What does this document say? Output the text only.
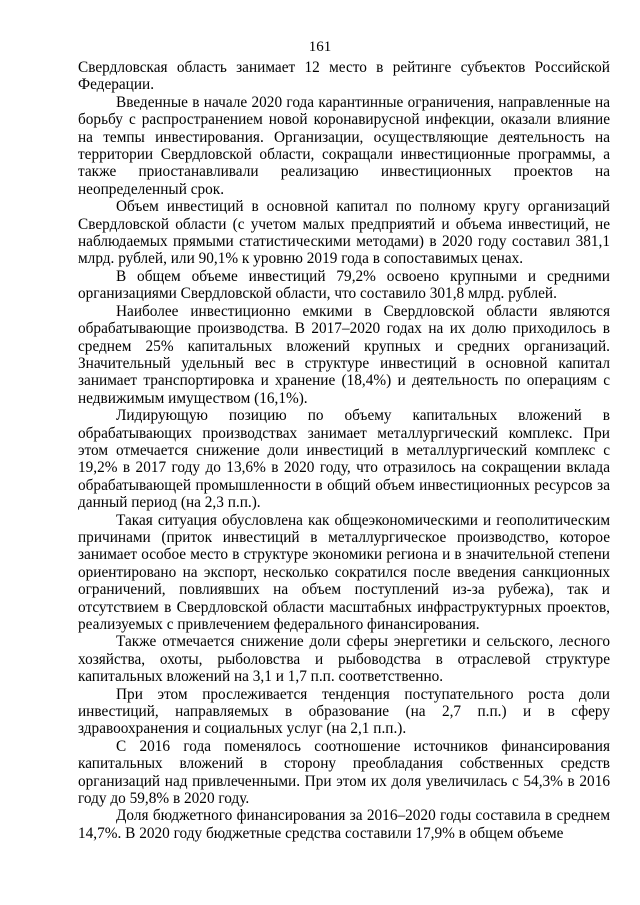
161

Свердловская область занимает 12 место в рейтинге субъектов Российской Федерации.

Введенные в начале 2020 года карантинные ограничения, направленные на борьбу с распространением новой коронавирусной инфекции, оказали влияние на темпы инвестирования. Организации, осуществляющие деятельность на территории Свердловской области, сокращали инвестиционные программы, а также приостанавливали реализацию инвестиционных проектов на неопределенный срок.

Объем инвестиций в основной капитал по полному кругу организаций Свердловской области (с учетом малых предприятий и объема инвестиций, не наблюдаемых прямыми статистическими методами) в 2020 году составил 381,1 млрд. рублей, или 90,1% к уровню 2019 года в сопоставимых ценах.

В общем объеме инвестиций 79,2% освоено крупными и средними организациями Свердловской области, что составило 301,8 млрд. рублей.

Наиболее инвестиционно емкими в Свердловской области являются обрабатывающие производства. В 2017–2020 годах на их долю приходилось в среднем 25% капитальных вложений крупных и средних организаций. Значительный удельный вес в структуре инвестиций в основной капитал занимает транспортировка и хранение (18,4%) и деятельность по операциям с недвижимым имуществом (16,1%).

Лидирующую позицию по объему капитальных вложений в обрабатывающих производствах занимает металлургический комплекс. При этом отмечается снижение доли инвестиций в металлургический комплекс с 19,2% в 2017 году до 13,6% в 2020 году, что отразилось на сокращении вклада обрабатывающей промышленности в общий объем инвестиционных ресурсов за данный период (на 2,3 п.п.).

Такая ситуация обусловлена как общеэкономическими и геополитическим причинами (приток инвестиций в металлургическое производство, которое занимает особое место в структуре экономики региона и в значительной степени ориентировано на экспорт, несколько сократился после введения санкционных ограничений, повлиявших на объем поступлений из-за рубежа), так и отсутствием в Свердловской области масштабных инфраструктурных проектов, реализуемых с привлечением федерального финансирования.

Также отмечается снижение доли сферы энергетики и сельского, лесного хозяйства, охоты, рыболовства и рыбоводства в отраслевой структуре капитальных вложений на 3,1 и 1,7 п.п. соответственно.

При этом прослеживается тенденция поступательного роста доли инвестиций, направляемых в образование (на 2,7 п.п.) и в сферу здравоохранения и социальных услуг (на 2,1 п.п.).

С 2016 года поменялось соотношение источников финансирования капитальных вложений в сторону преобладания собственных средств организаций над привлеченными. При этом их доля увеличилась с 54,3% в 2016 году до 59,8% в 2020 году.

Доля бюджетного финансирования за 2016–2020 годы составила в среднем 14,7%. В 2020 году бюджетные средства составили 17,9% в общем объеме
